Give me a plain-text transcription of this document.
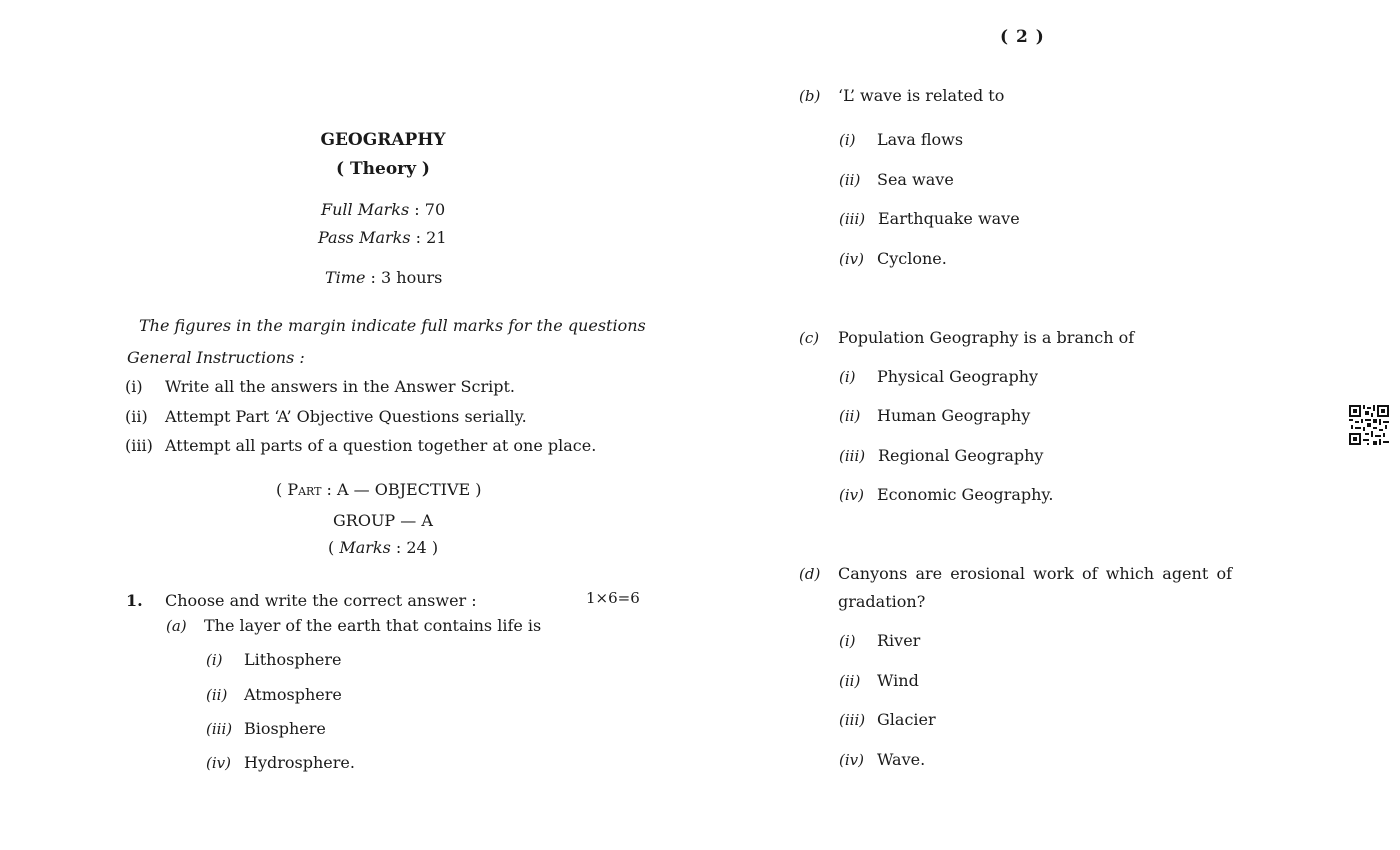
( 2 )
GEOGRAPHY
( Theory )
Full Marks : 70
Pass Marks : 21
Time : 3 hours
The figures in the margin indicate full marks for the questions
General Instructions :
(i) Write all the answers in the Answer Script.
(ii) Attempt Part ‘A’ Objective Questions serially.
(iii) Attempt all parts of a question together at one place.
( Part : A — OBJECTIVE )
GROUP — A
( Marks : 24 )
1. Choose and write the correct answer :	1×6=6
(a) The layer of the earth that contains life is
(i) Lithosphere
(ii) Atmosphere
(iii) Biosphere
(iv) Hydrosphere.
(b) ‘L’ wave is related to
(i) Lava flows
(ii) Sea wave
(iii) Earthquake wave
(iv) Cyclone.
(c) Population Geography is a branch of
(i) Physical Geography
(ii) Human Geography
(iii) Regional Geography
(iv) Economic Geography.
(d) Canyons are erosional work of which agent of
gradation?
(i) River
(ii) Wind
(iii) Glacier
(iv) Wave.
